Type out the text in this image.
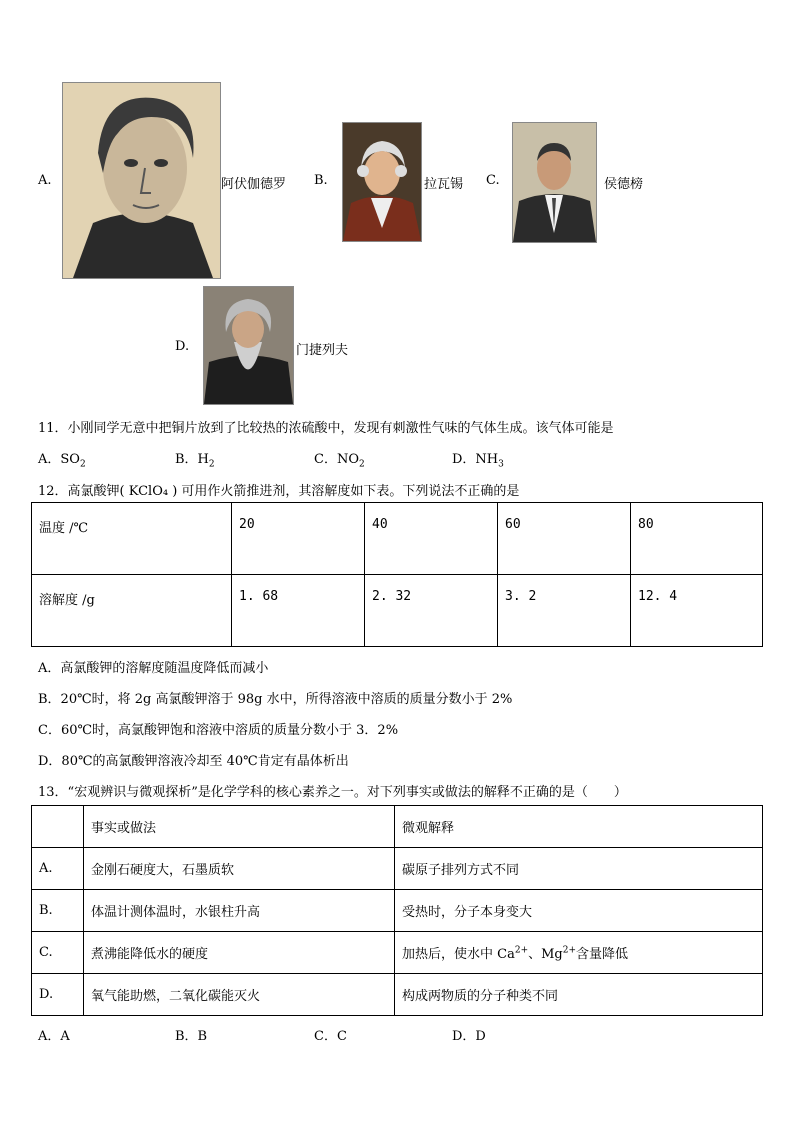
A.	阿伏伽德罗 B.	拉瓦锡 C.	侯德榜
D.	门捷列夫
11．小刚同学无意中把铜片放到了比较热的浓硫酸中，发现有刺激性气味的气体生成。该气体可能是
A．$SO_2$	B．$H_2$	C．$NO_2$	D．$NH_3$
12．高氯酸钾( KClO₄ ) 可用作火箭推进剂，其溶解度如下表。下列说法不正确的是
温度 /℃	20	40	60	80
溶解度 /g	1. 68	2. 32	3. 2	12. 4
A．高氯酸钾的溶解度随温度降低而减小
B．20℃时，将 2g 高氯酸钾溶于 98g 水中，所得溶液中溶质的质量分数小于 2%
C．60℃时，高氯酸钾饱和溶液中溶质的质量分数小于 3．2%
D．80℃的高氯酸钾溶液冷却至 40℃肯定有晶体析出
13．“宏观辨识与微观探析”是化学学科的核心素养之一。对下列事实或做法的解释不正确的是（　　）
	事实或做法	微观解释
A.	金刚石硬度大，石墨质软	碳原子排列方式不同
B.	体温计测体温时，水银柱升高	受热时，分子本身变大
C.	煮沸能降低水的硬度	加热后，使水中 $Ca^{2+}$、$Mg^{2+}$含量降低
D.	氧气能助燃，二氧化碳能灭火	构成两物质的分子种类不同
A．A	B．B	C．C	D．D
